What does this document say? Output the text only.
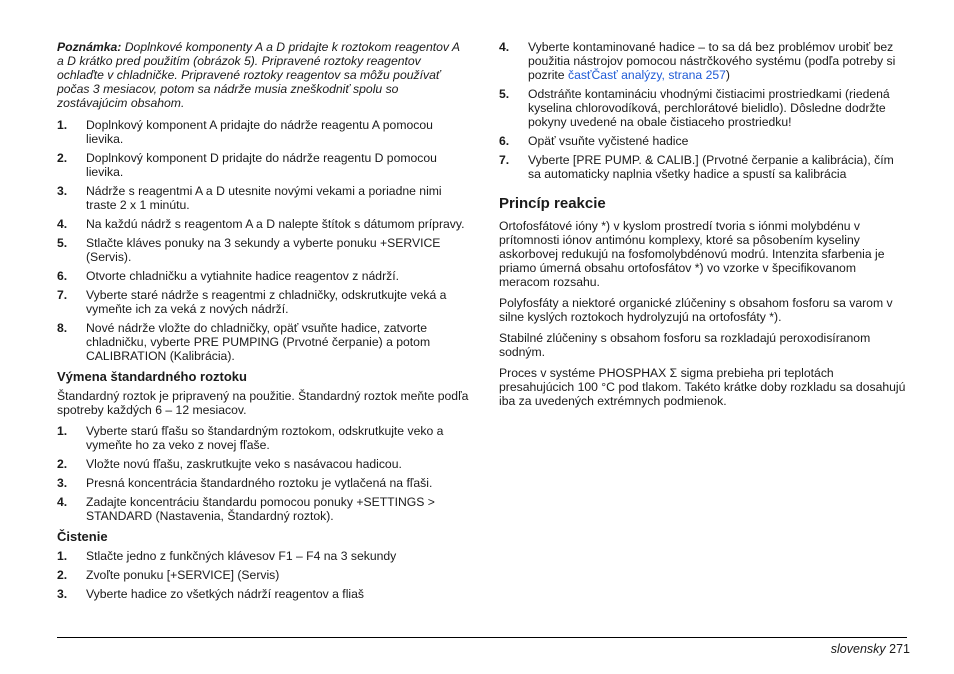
Poznámka: Doplnkové komponenty A a D pridajte k roztokom reagentov A a D krátko pred použitím (obrázok 5). Pripravené roztoky reagentov ochlaďte v chladničke. Pripravené roztoky reagentov sa môžu používať počas 3 mesiacov, potom sa nádrže musia zneškodniť spolu so zostávajúcim obsahom.

1. Doplnkový komponent A pridajte do nádrže reagentu A pomocou lievika.
2. Doplnkový komponent D pridajte do nádrže reagentu D pomocou lievika.
3. Nádrže s reagentmi A a D utesnite novými vekami a poriadne nimi traste 2 x 1 minútu.
4. Na každú nádrž s reagentom A a D nalepte štítok s dátumom prípravy.
5. Stlačte kláves ponuky na 3 sekundy a vyberte ponuku +SERVICE (Servis).
6. Otvorte chladničku a vytiahnite hadice reagentov z nádrží.
7. Vyberte staré nádrže s reagentmi z chladničky, odskrutkujte veká a vymeňte ich za veká z nových nádrží.
8. Nové nádrže vložte do chladničky, opäť vsuňte hadice, zatvorte chladničku, vyberte PRE PUMPING (Prvotné čerpanie) a potom CALIBRATION (Kalibrácia).
Výmena štandardného roztoku

Štandardný roztok je pripravený na použitie. Štandardný roztok meňte podľa spotreby každých 6 – 12 mesiacov.

1. Vyberte starú fľašu so štandardným roztokom, odskrutkujte veko a vymeňte ho za veko z novej fľaše.
2. Vložte novú fľašu, zaskrutkujte veko s nasávacou hadicou.
3. Presná koncentrácia štandardného roztoku je vytlačená na fľaši.
4. Zadajte koncentráciu štandardu pomocou ponuky +SETTINGS > STANDARD (Nastavenia, Štandardný roztok).
Čistenie
1. Stlačte jedno z funkčných klávesov F1 – F4 na 3 sekundy
2. Zvoľte ponuku [+SERVICE] (Servis)
3. Vyberte hadice zo všetkých nádrží reagentov a fliaš
4. Vyberte kontaminované hadice – to sa dá bez problémov urobiť bez použitia nástrojov pomocou nástrčkového systému (podľa potreby si pozrite časťČasť analýzy, strana 257)
5. Odstráňte kontamináciu vhodnými čistiacimi prostriedkami (riedená kyselina chlorovodíková, perchlorátové bielidlo). Dôsledne dodržte pokyny uvedené na obale čistiaceho prostriedku!
6. Opäť vsuňte vyčistené hadice
7. Vyberte [PRE PUMP. & CALIB.] (Prvotné čerpanie a kalibrácia), čím sa automaticky naplnia všetky hadice a spustí sa kalibrácia
Princíp reakcie

Ortofosfátové ióny *) v kyslom prostredí tvoria s iónmi molybdénu v prítomnosti iónov antimónu komplexy, ktoré sa pôsobením kyseliny askorbovej redukujú na fosfomolybdénovú modrú. Intenzita sfarbenia je priamo úmerná obsahu ortofosfátov *) vo vzorke v špecifikovanom meracom rozsahu.

Polyfosfáty a niektoré organické zlúčeniny s obsahom fosforu sa varom v silne kyslých roztokoch hydrolyzujú na ortofosfáty *).

Stabilné zlúčeniny s obsahom fosforu sa rozkladajú peroxodisíranom sodným.

Proces v systéme PHOSPHAX Σ sigma prebieha pri teplotách presahujúcich 100 °C pod tlakom. Takéto krátke doby rozkladu sa dosahujú iba za uvedených extrémnych podmienok.

slovensky 271
